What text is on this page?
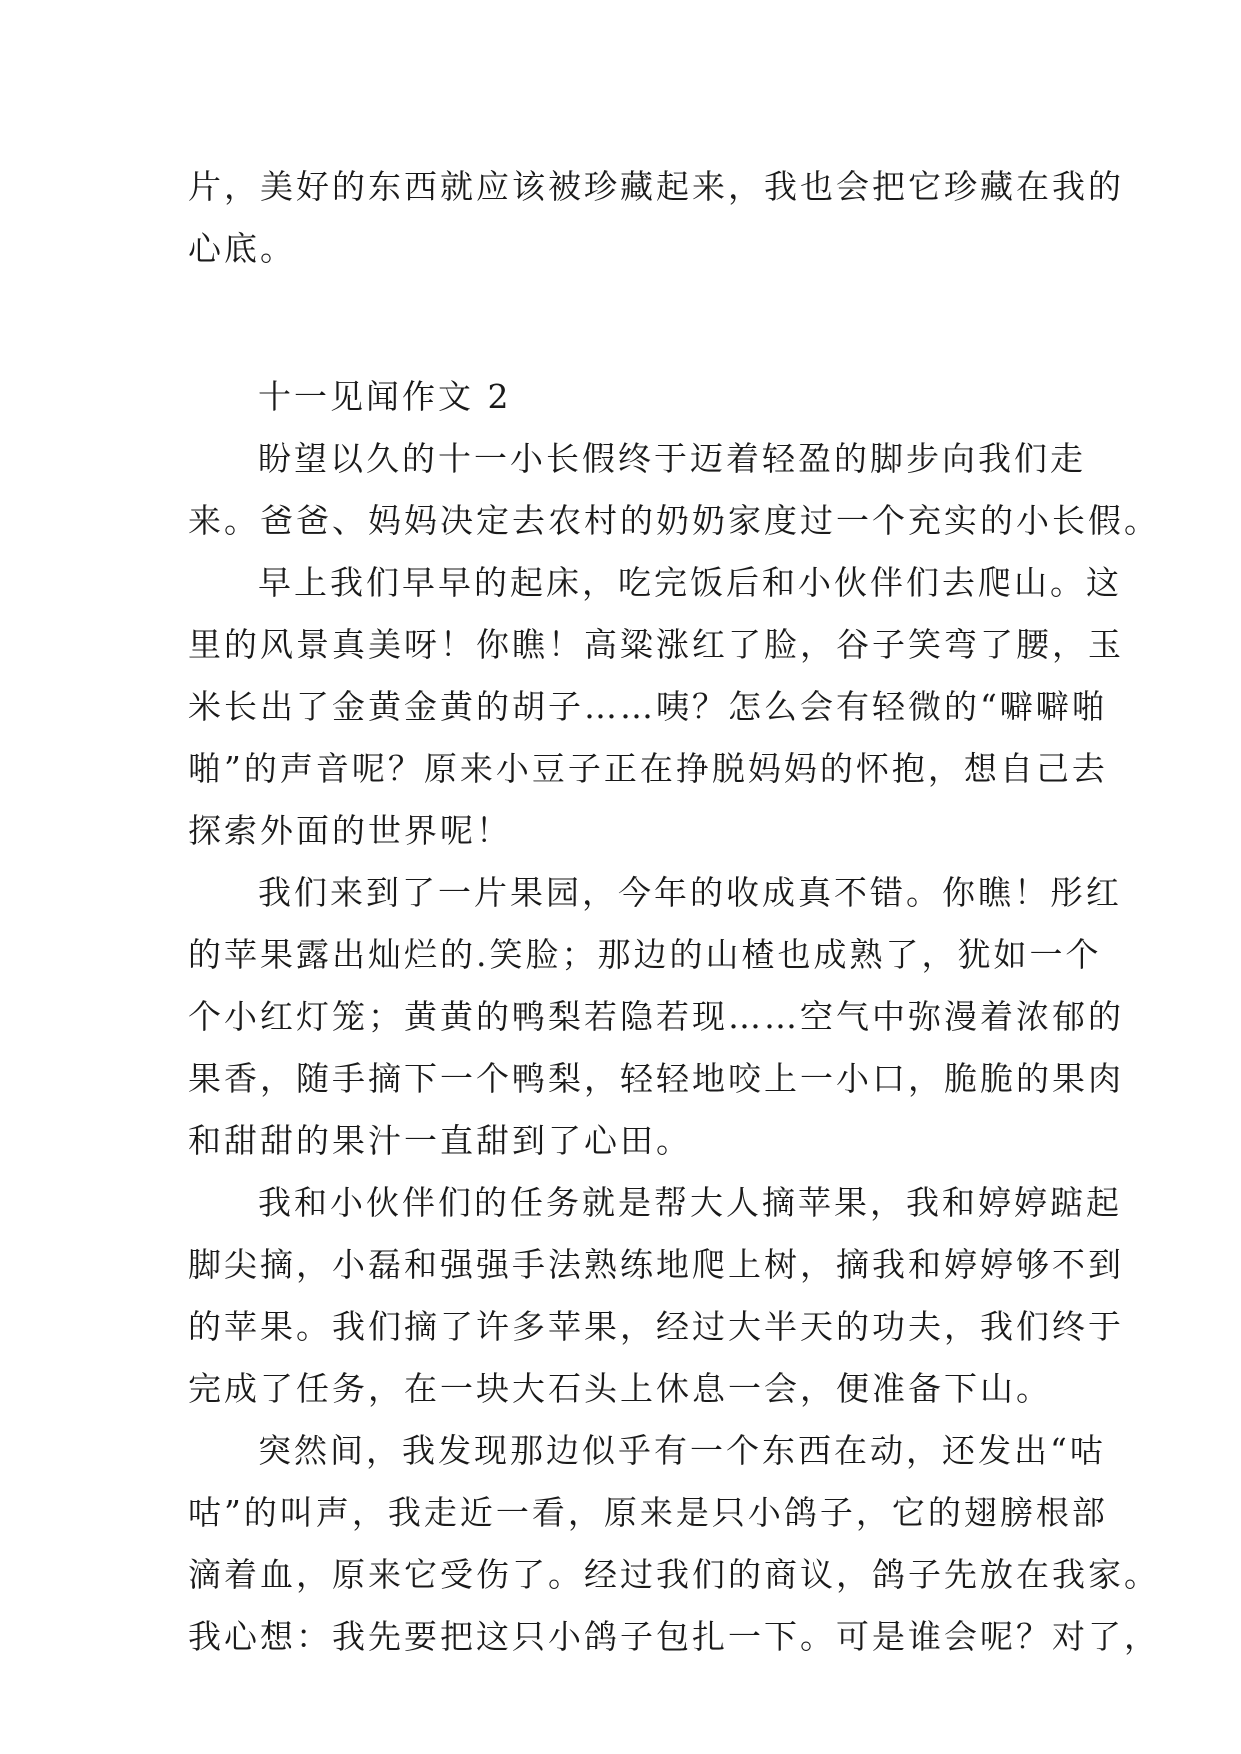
片，美好的东西就应该被珍藏起来，我也会把它珍藏在我的
心底。
十一见闻作文 2
盼望以久的十一小长假终于迈着轻盈的脚步向我们走
来。爸爸、妈妈决定去农村的奶奶家度过一个充实的小长假。
早上我们早早的起床，吃完饭后和小伙伴们去爬山。这
里的风景真美呀！你瞧！高粱涨红了脸，谷子笑弯了腰，玉
米长出了金黄金黄的胡子……咦？怎么会有轻微的“噼噼啪
啪”的声音呢？原来小豆子正在挣脱妈妈的怀抱，想自己去
探索外面的世界呢！
我们来到了一片果园，今年的收成真不错。你瞧！彤红
的苹果露出灿烂的.笑脸；那边的山楂也成熟了，犹如一个
个小红灯笼；黄黄的鸭梨若隐若现……空气中弥漫着浓郁的
果香，随手摘下一个鸭梨，轻轻地咬上一小口，脆脆的果肉
和甜甜的果汁一直甜到了心田。
我和小伙伴们的任务就是帮大人摘苹果，我和婷婷踮起
脚尖摘，小磊和强强手法熟练地爬上树，摘我和婷婷够不到
的苹果。我们摘了许多苹果，经过大半天的功夫，我们终于
完成了任务，在一块大石头上休息一会，便准备下山。
突然间，我发现那边似乎有一个东西在动，还发出“咕
咕”的叫声，我走近一看，原来是只小鸽子，它的翅膀根部
滴着血，原来它受伤了。经过我们的商议，鸽子先放在我家。
我心想：我先要把这只小鸽子包扎一下。可是谁会呢？对了，
